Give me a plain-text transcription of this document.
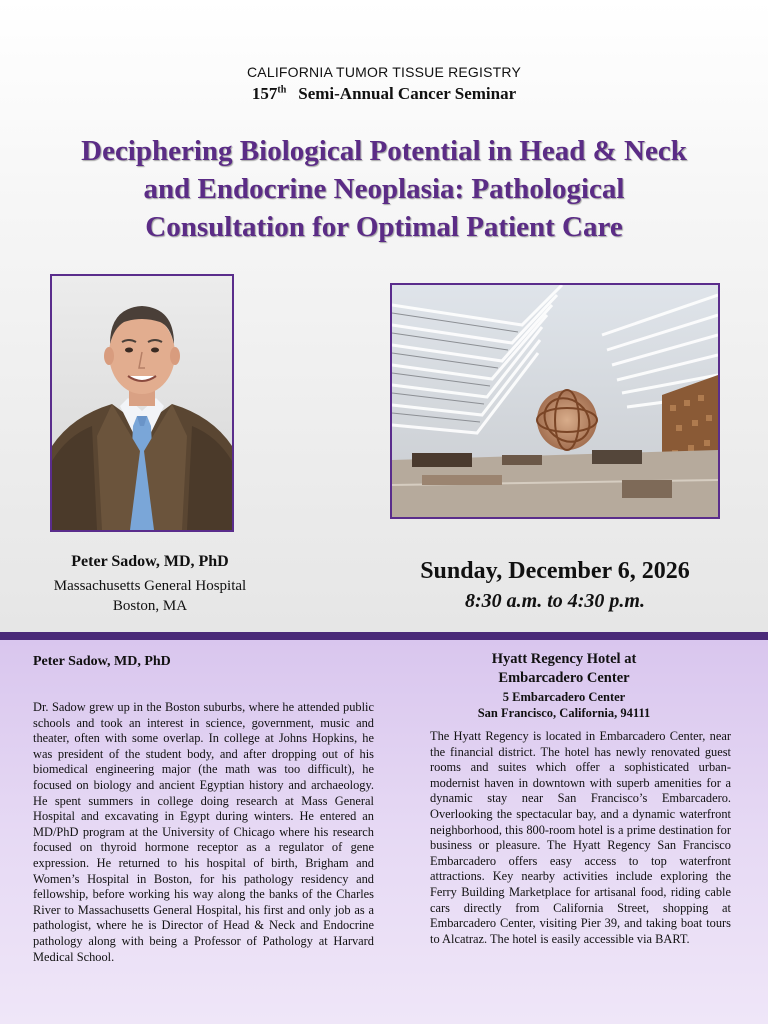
CALIFORNIA TUMOR TISSUE REGISTRY
157th Semi-Annual Cancer Seminar
Deciphering Biological Potential in Head & Neck
and Endocrine Neoplasia: Pathological
Consultation for Optimal Patient Care
Peter Sadow, MD, PhD
Massachusetts General Hospital
Boston, MA
Sunday, December 6, 2026
8:30 a.m. to 4:30 p.m.
Peter Sadow, MD, PhD
Dr. Sadow grew up in the Boston suburbs, where he attended public schools and took an interest in science, government, music and theater, often with some overlap. In college at Johns Hopkins, he was president of the student body, and after dropping out of his biomedical engineering major (the math was too difficult), he focused on biology and ancient Egyptian history and archaeology. He spent summers in college doing research at Mass General Hospital and excavating in Egypt during winters. He entered an MD/PhD program at the University of Chicago where his research focused on thyroid hormone receptor as a regulator of gene expression. He returned to his hospital of birth, Brigham and Women’s Hospital in Boston, for his pathology residency and fellowship, before working his way along the banks of the Charles River to Massachusetts General Hospital, his first and only job as a pathologist, where he is Director of Head & Neck and Endocrine pathology along with being a Professor of Pathology at Harvard Medical School.
Hyatt Regency Hotel at
Embarcadero Center
5 Embarcadero Center
San Francisco, California, 94111
The Hyatt Regency is located in Embarcadero Center, near the financial district. The hotel has newly renovated guest rooms and suites which offer a sophisticated urban-modernist haven in downtown with superb amenities for a dynamic stay near San Francisco’s Embarcadero. Overlooking the spectacular bay, and a dynamic waterfront neighborhood, this 800-room hotel is a prime destination for business or pleasure. The Hyatt Regency San Francisco Embarcadero offers easy access to top waterfront attractions. Key nearby activities include exploring the Ferry Building Marketplace for artisanal food, riding cable cars directly from California Street, shopping at Embarcadero Center, visiting Pier 39, and taking boat tours to Alcatraz. The hotel is easily accessible via BART.
